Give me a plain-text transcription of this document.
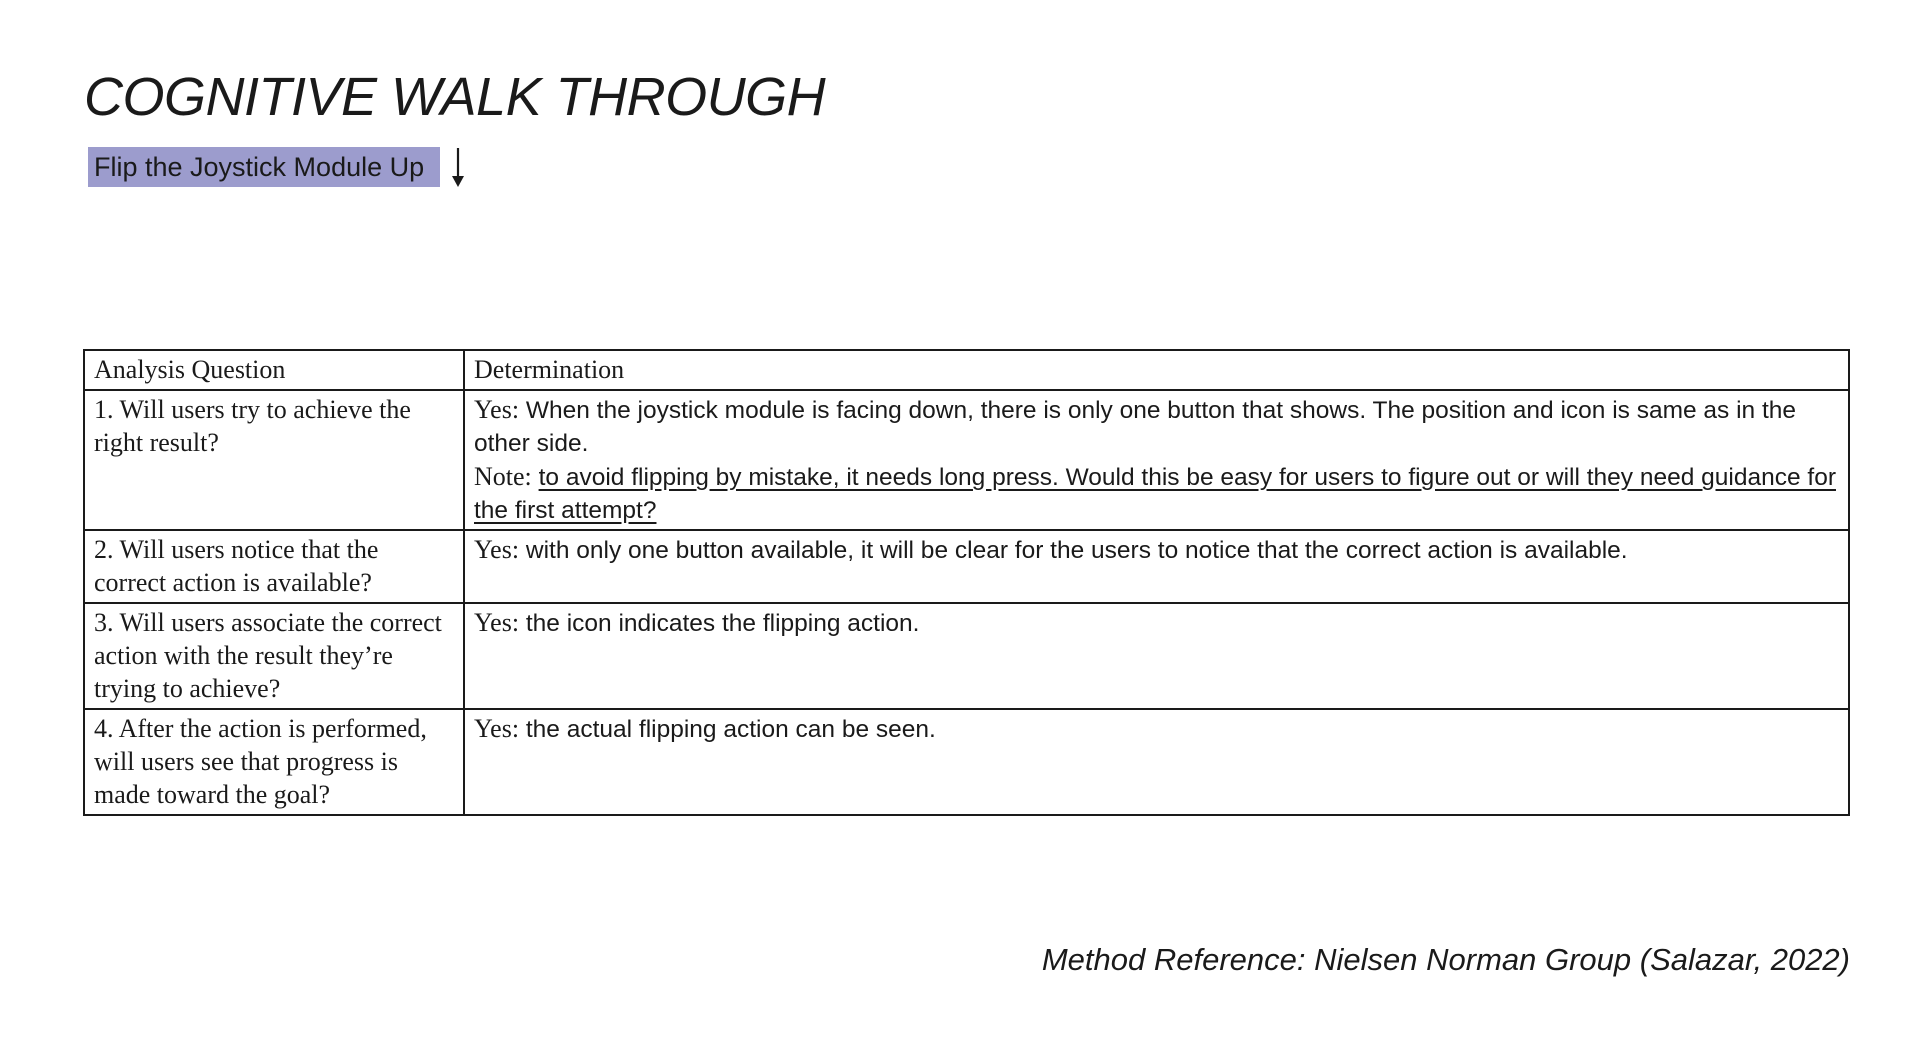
COGNITIVE WALK THROUGH
Flip the Joystick Module Up
Analysis Question	Determination
1. Will users try to achieve the right result?	Yes: When the joystick module is facing down, there is only one button that shows. The position and icon is same as in the other side.
Note: to avoid flipping by mistake, it needs long press. Would this be easy for users to figure out or will they need guidance for the first attempt?
2. Will users notice that the correct action is available?	Yes: with only one button available, it will be clear for the users to notice that the correct action is available.
3. Will users associate the correct action with the result they’re trying to achieve?	Yes: the icon indicates the flipping action.
4. After the action is performed, will users see that progress is made toward the goal?	Yes: the actual flipping action can be seen.
Method Reference: Nielsen Norman Group (Salazar, 2022)
